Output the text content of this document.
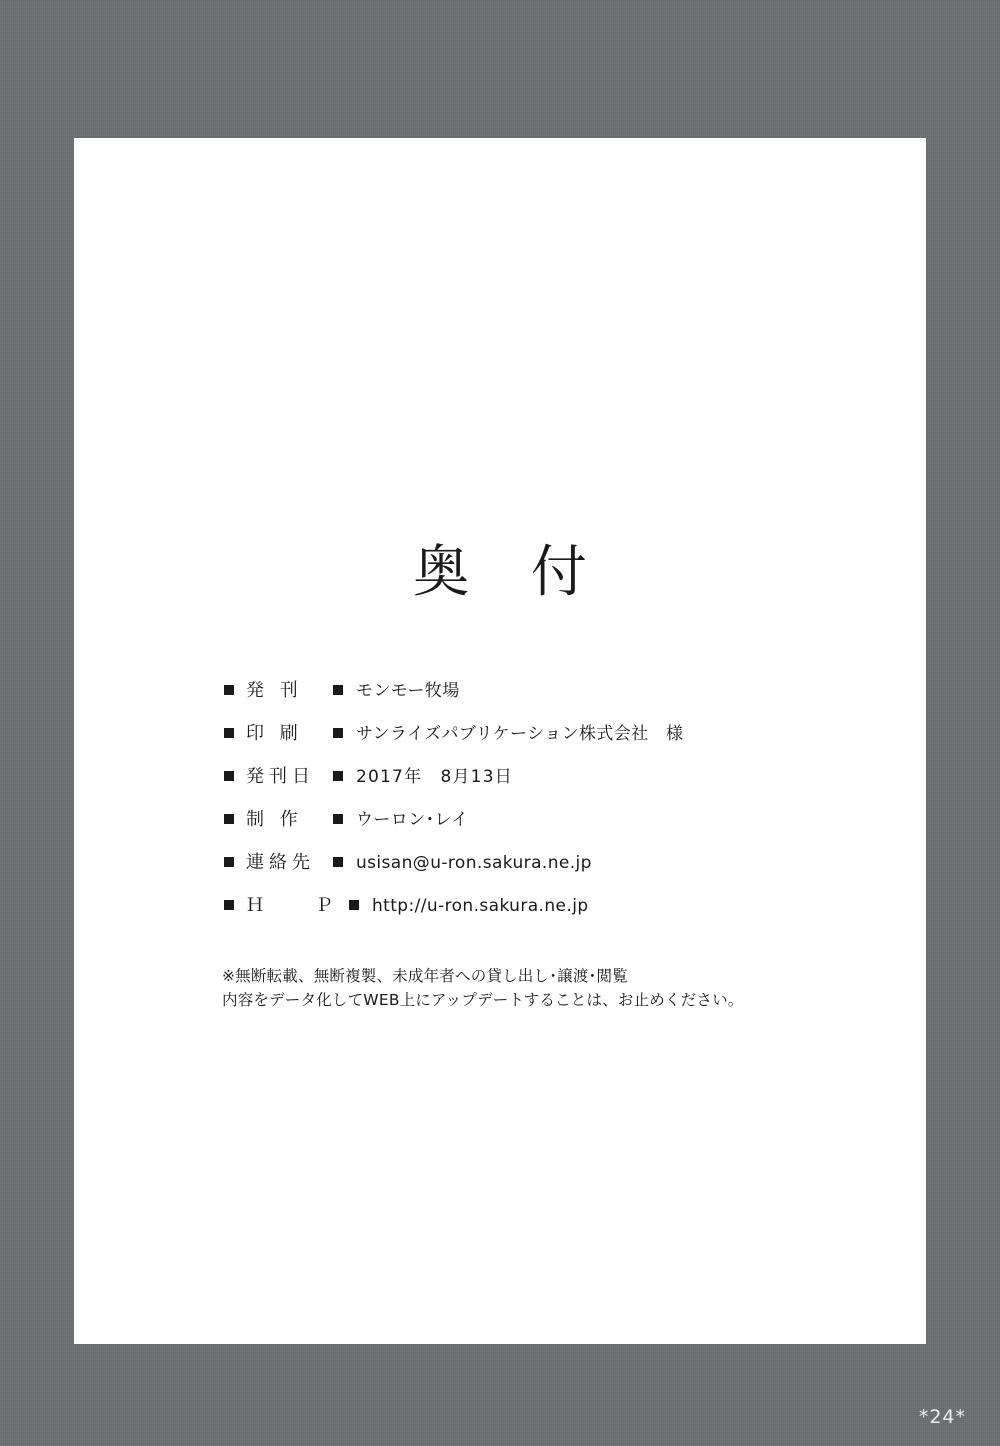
奥 付
発 刊	モンモー牧場
印 刷	サンライズパブリケーション株式会社　様
発刊日	2017年　8月13日
制 作	ウーロン･レイ
連絡先	usisan@u-ron.sakura.ne.jp
Ｈ　　Ｐ http://u-ron.sakura.ne.jp
※無断転載、無断複製、未成年者への貸し出し･譲渡･閲覧
内容をデータ化してWEB上にアップデートすることは、お止めください。
*24*
